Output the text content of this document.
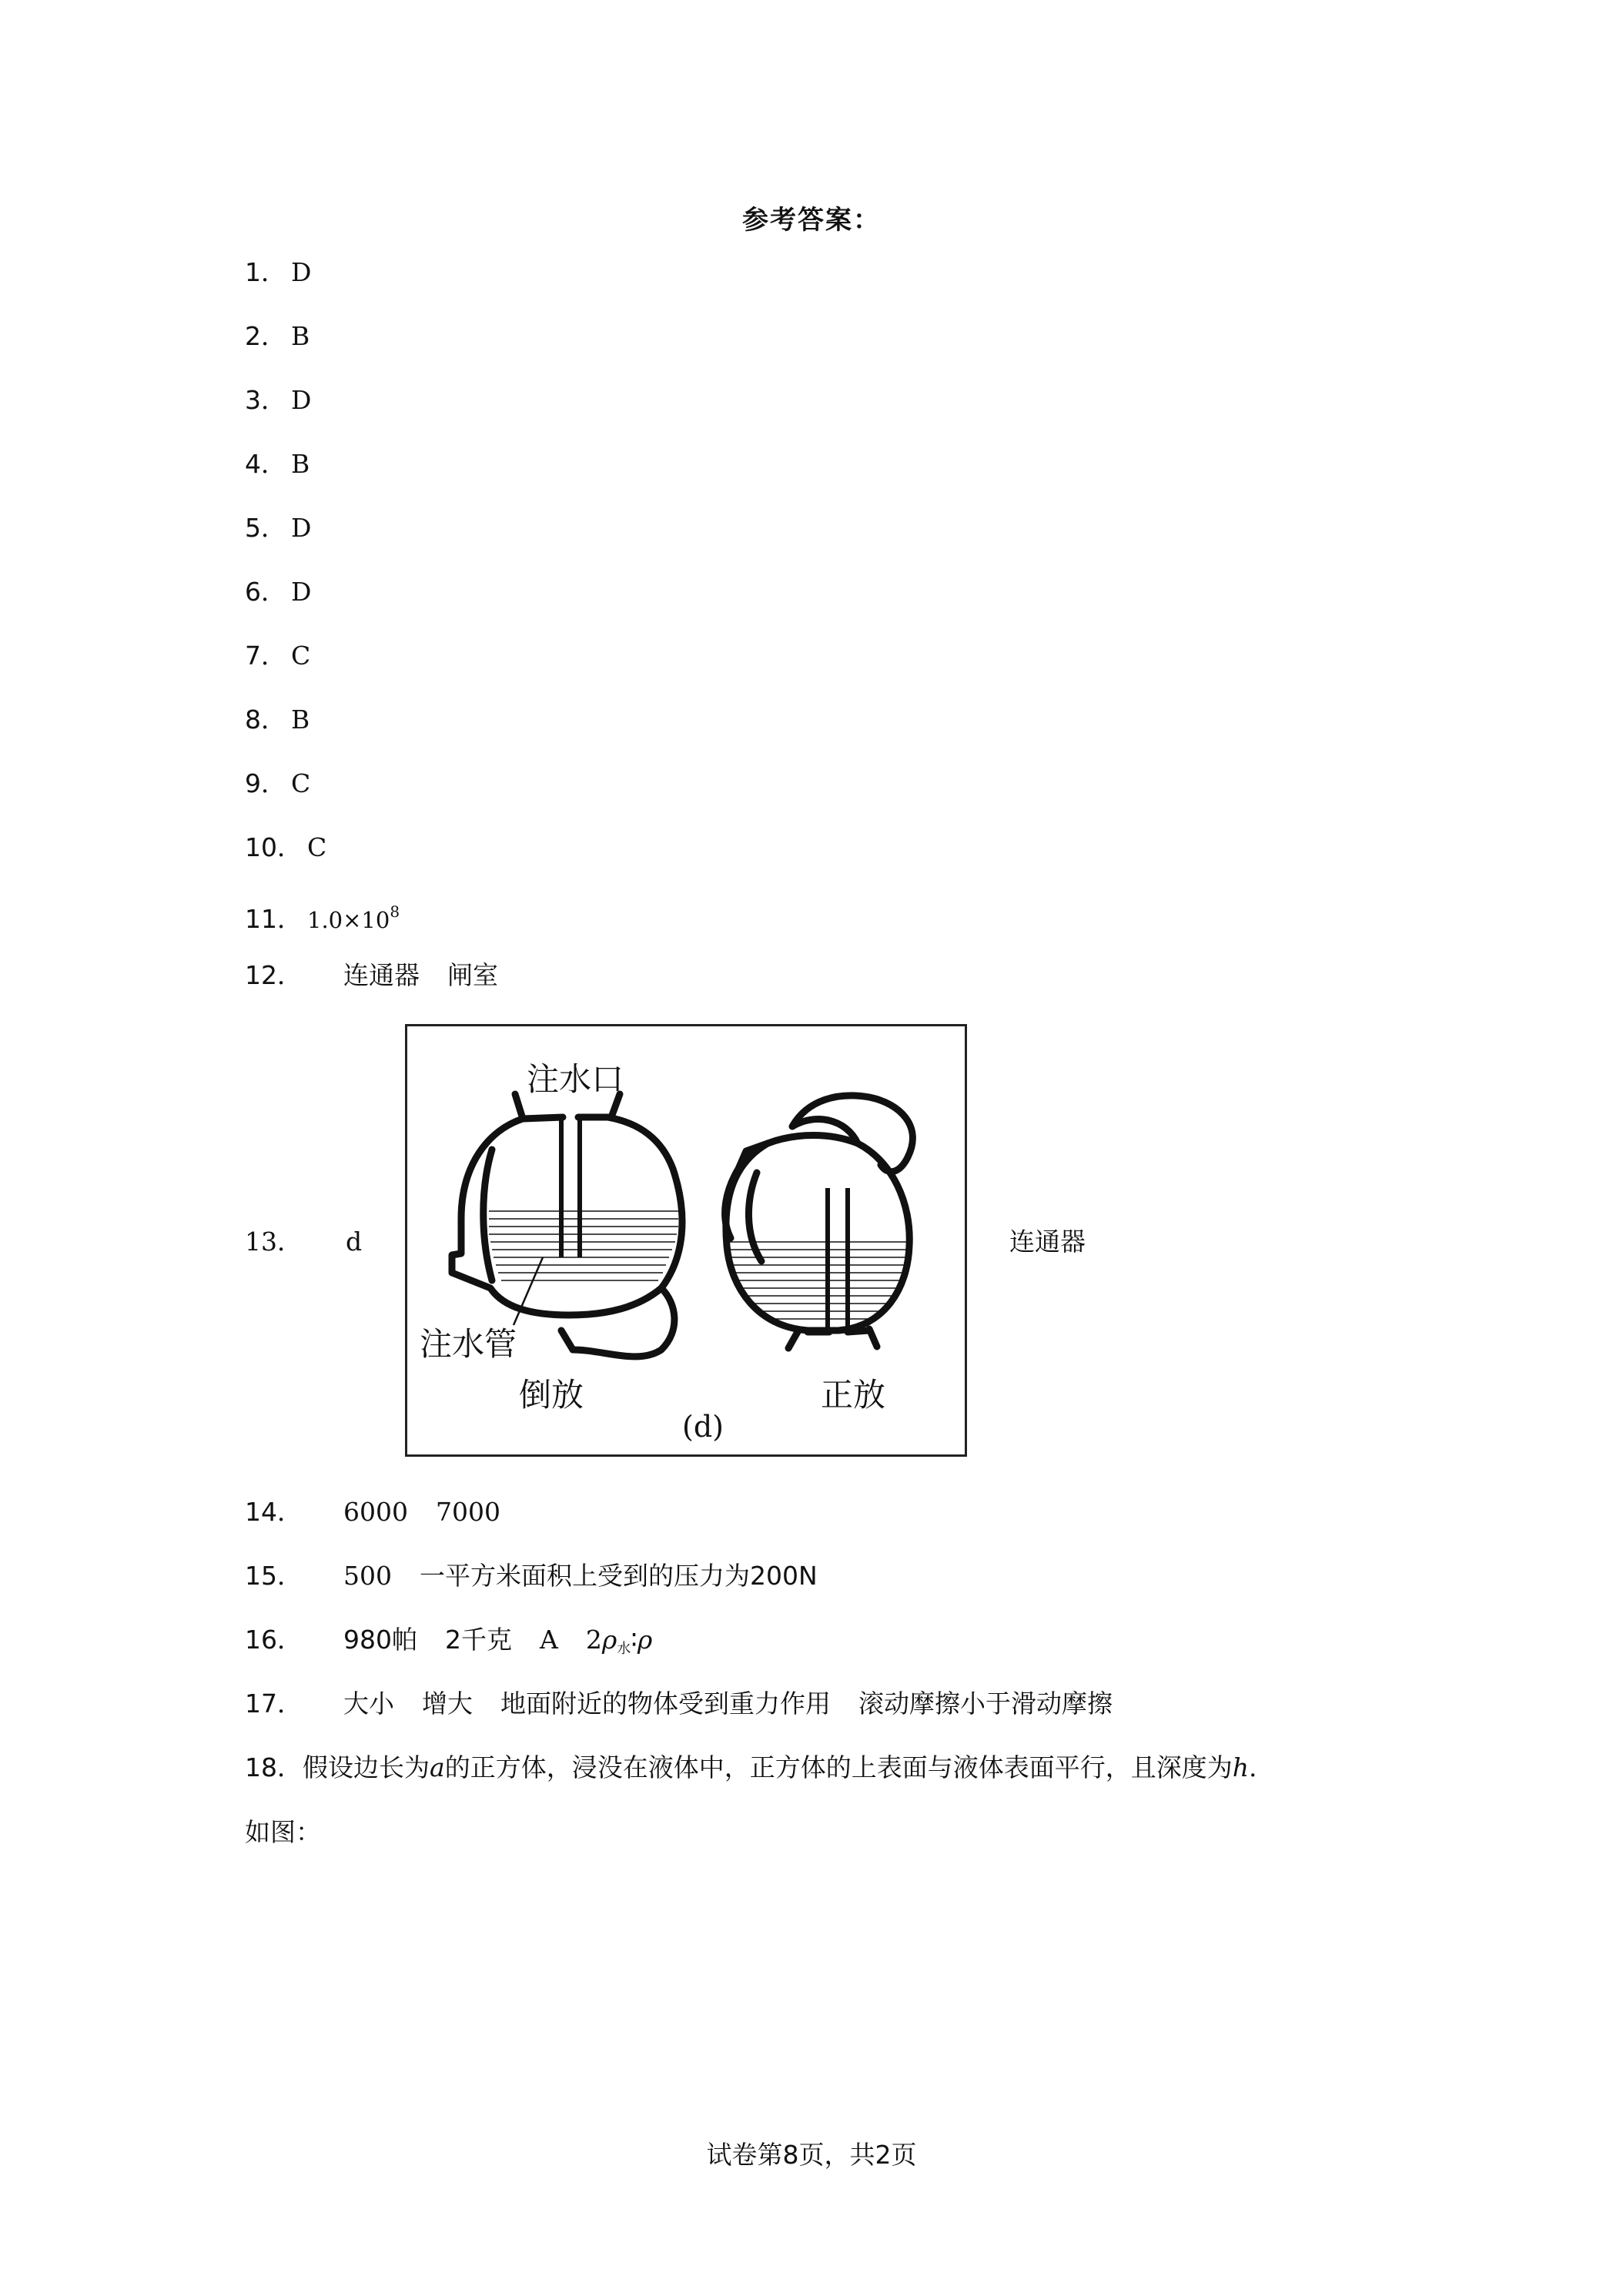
参考答案：
1． D
2． B
3． D
4． B
5． D
6． D
7． C
8． B
9． C
10． C
11． $1.0\times 10^8$
12． 连通器 闸室
13． d	连通器
注水口
注水管
倒放	正放
(d)
14． 6000 7000
15． 500 一平方米面积上受到的压力为200N
16． 980帕 2千克 A $2\rho_水∶\rho$
17． 大小 增大 地面附近的物体受到重力作用 滚动摩擦小于滑动摩擦
18．假设边长为a的正方体，浸没在液体中，正方体的上表面与液体表面平行，且深度为h.
如图：
试卷第8页，共2页
